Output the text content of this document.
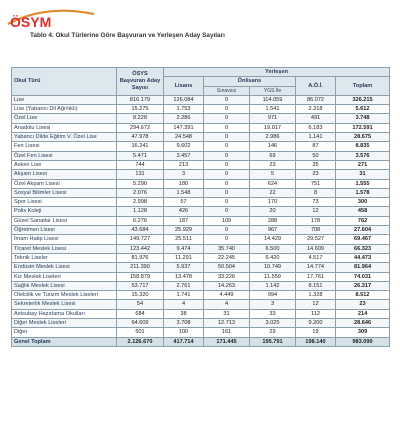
ÖSYM
Tablo 4. Okul Türlerine Göre Başvuran ve Yerleşen Aday Sayıları
Okul Türü	ÖSYS Başvuran Aday Sayısı	Yerleşen				
		Lisans	Önlisans		A.Ö.İ.	Toplam
			Sınavsız	YGS İle		
Lise	816.179	126.084	0	114.059	86.072	326.215
Lise (Yabancı Dil Ağırlıklı)	15.275	1.753	0	1.541	2.318	5.612
Özel Lise	8.228	2.286	0	971	491	3.748
Anadolu Lisesi	294.672	147.391	0	19.017	6.183	172.591
Yabancı Dilde Eğitim V. Özel Lise	47.978	24.548	0	2.986	1.141	28.675
Fen Lisesi	16.241	9.602	0	146	87	8.835
Özel Fen Lisesi	5.471	3.457	0	69	50	3.576
Askeri Lise	744	213	0	23	35	271
Akşam Lisesi	131	3	0	5	23	31
Özel Akşam Lisesi	5.290	180	0	624	751	1.555
Sosyal Bilimler Lisesi	2.076	1.548	0	22	8	1.578
Spor Lisesi	2.998	57	0	170	73	300
Polis Koleji	1.128	426	0	20	12	458
Güzel Sanatlar Lisesi	6.276	187	109	288	178	762
Öğretmen Lisesi	43.684	25.929	0	967	708	27.604
İmam Hatip Lisesi	149.727	25.511	0	14.429	29.527	69.467
Ticaret Meslek Lisesi	123.442	9.474	35.740	6.500	14.609	66.323
Teknik Liseler	81.976	11.291	22.245	6.420	4.517	44.473
Endüstri Meslek Lisesi	211.390	5.937	50.504	10.749	14.774	81.964
Kız Meslek Liseleri	158.879	13.478	33.226	11.559	17.761	74.031
Sağlık Meslek Lisesi	53.717	2.761	14.263	1.142	8.151	26.317
Otelcilik ve Turizm Meslek Liseleri	15.320	1.741	4.449	994	1.328	8.512
Sekreterlik Meslek Lisesi	54	4	4	3	12	23
Astsubay Hazırlama Okulları	684	38	31	33	112	214
Diğer Meslek Liseleri	64.609	3.708	12.713	3.025	9.200	28.646
Diğer	501	100	161	29	19	309
Genel Toplam	2.126.670	417.714	171.445	195.791	198.140	983.090
